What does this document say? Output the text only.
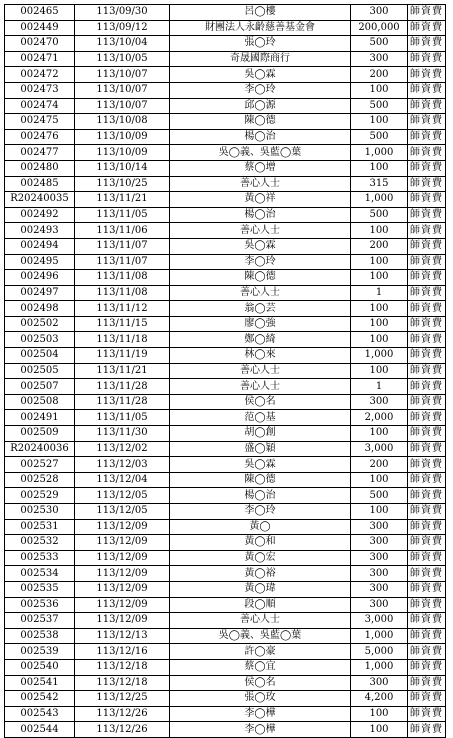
002465	113/09/30	呂◯樓	300	師資費
002449	113/09/12	財團法人永齡慈善基金會	200,000	師資費
002470	113/10/04	張◯玲	500	師資費
002471	113/10/05	奇晟國際商行	300	師資費
002472	113/10/07	吳◯霖	200	師資費
002473	113/10/07	李◯玲	100	師資費
002474	113/10/07	邱◯源	500	師資費
002475	113/10/08	陳◯德	100	師資費
002476	113/10/09	楊◯治	500	師資費
002477	113/10/09	吳◯義、吳藍◯葉	1,000	師資費
002480	113/10/14	蔡◯增	100	師資費
002485	113/10/25	善心人士	315	師資費
R20240035	113/11/21	黃◯祥	1,000	師資費
002492	113/11/05	楊◯治	500	師資費
002493	113/11/06	善心人士	100	師資費
002494	113/11/07	吳◯霖	200	師資費
002495	113/11/07	李◯玲	100	師資費
002496	113/11/08	陳◯德	100	師資費
002497	113/11/08	善心人士	1	師資費
002498	113/11/12	翁◯芸	100	師資費
002502	113/11/15	廖◯強	100	師資費
002503	113/11/18	鄭◯綺	100	師資費
002504	113/11/19	林◯來	1,000	師資費
002505	113/11/21	善心人士	100	師資費
002507	113/11/28	善心人士	1	師資費
002508	113/11/28	侯◯名	300	師資費
002491	113/11/05	范◯基	2,000	師資費
002509	113/11/30	胡◯創	100	師資費
R20240036	113/12/02	盛◯穎	3,000	師資費
002527	113/12/03	吳◯霖	200	師資費
002528	113/12/04	陳◯德	100	師資費
002529	113/12/05	楊◯治	500	師資費
002530	113/12/05	李◯玲	100	師資費
002531	113/12/09	黃◯	300	師資費
002532	113/12/09	黃◯和	300	師資費
002533	113/12/09	黃◯宏	300	師資費
002534	113/12/09	黃◯裕	300	師資費
002535	113/12/09	黃◯瑋	300	師資費
002536	113/12/09	段◯順	300	師資費
002537	113/12/09	善心人士	3,000	師資費
002538	113/12/13	吳◯義、吳藍◯葉	1,000	師資費
002539	113/12/16	許◯豪	5,000	師資費
002540	113/12/18	蔡◯宜	1,000	師資費
002541	113/12/18	侯◯名	300	師資費
002542	113/12/25	張◯玫	4,200	師資費
002543	113/12/26	李◯樺	100	師資費
002544	113/12/26	李◯樺	100	師資費
